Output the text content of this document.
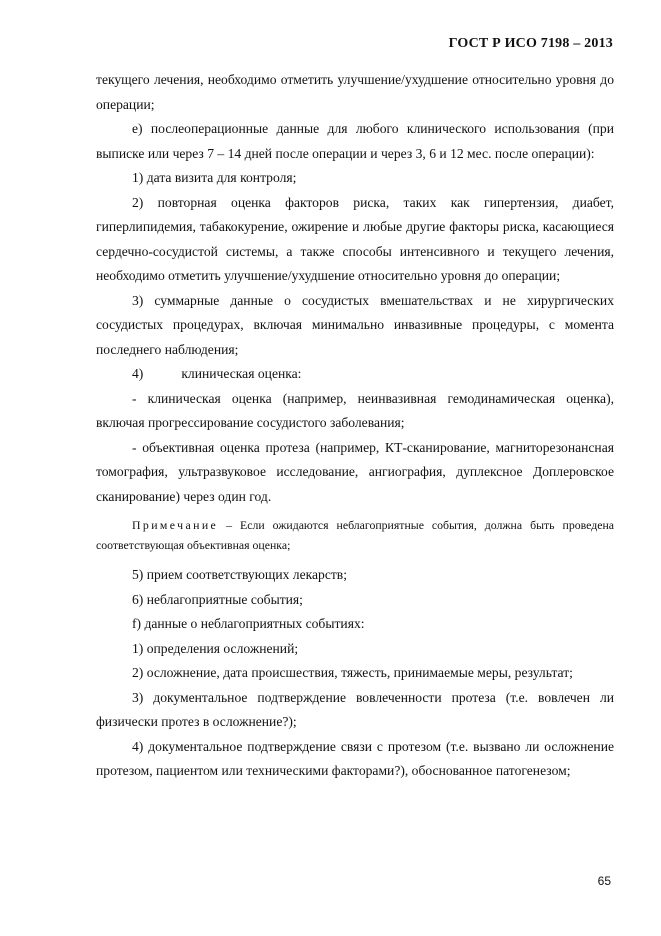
ГОСТ Р ИСО 7198 – 2013

текущего лечения, необходимо отметить улучшение/ухудшение относительно уровня до операции;

е) послеоперационные данные для любого клинического использования (при выписке или через 7 – 14 дней после операции и через 3, 6 и 12 мес. после операции):

1) дата визита для контроля;

2) повторная оценка факторов риска, таких как гипертензия, диабет, гиперлипидемия, табакокурение, ожирение и любые другие факторы риска, касающиеся сердечно-сосудистой системы, а также способы интенсивного и текущего лечения, необходимо отметить улучшение/ухудшение относительно уровня до операции;

3) суммарные данные о сосудистых вмешательствах и не хирургических сосудистых процедурах, включая минимально инвазивные процедуры, с момента последнего наблюдения;

4)	клиническая оценка:

- клиническая оценка (например, неинвазивная гемодинамическая оценка), включая прогрессирование сосудистого заболевания;

- объективная оценка протеза (например, КТ-сканирование, магниторезонансная томография, ультразвуковое исследование, ангиография, дуплексное Доплеровское сканирование) через один год.

Примечание – Если ожидаются неблагоприятные события, должна быть проведена соответствующая объективная оценка;

5) прием соответствующих лекарств;

6) неблагоприятные события;

f) данные о неблагоприятных событиях:

1) определения осложнений;

2) осложнение, дата происшествия, тяжесть, принимаемые меры, результат;

3) документальное подтверждение вовлеченности протеза (т.е. вовлечен ли физически протез в осложнение?);

4) документальное подтверждение связи с протезом (т.е. вызвано ли осложнение протезом, пациентом или техническими факторами?), обоснованное патогенезом;

65
